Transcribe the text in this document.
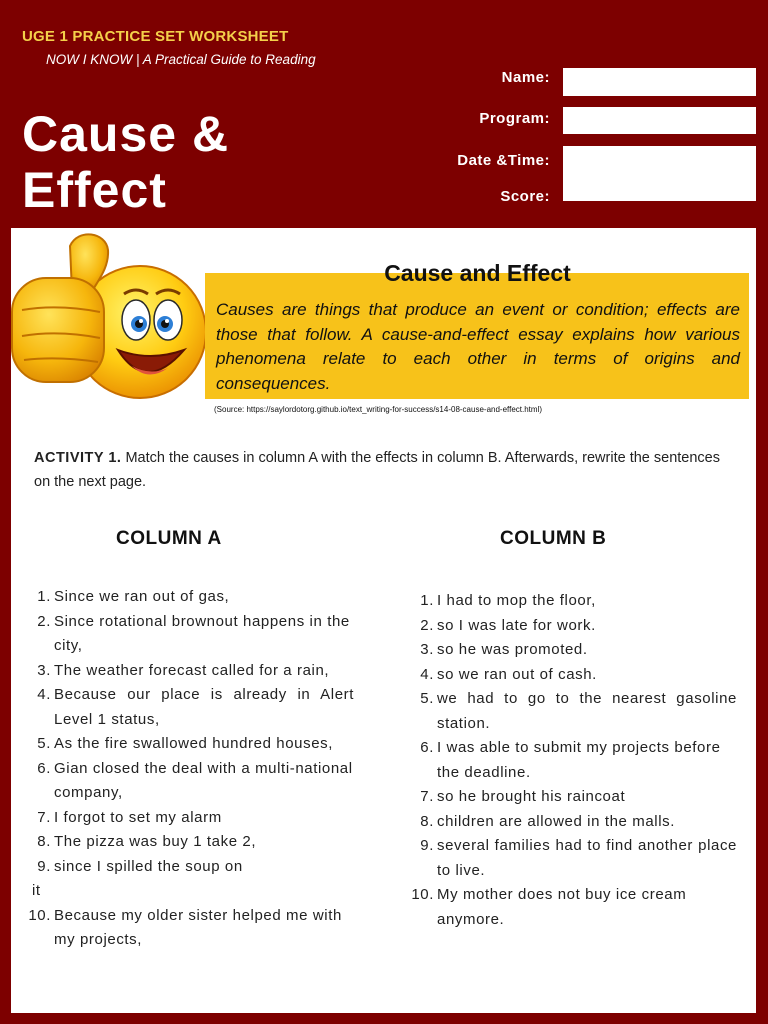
UGE 1 PRACTICE SET WORKSHEET
NOW I KNOW | A Practical Guide to Reading
Cause &
Effect
Name:
Program:
Date &Time:
Score:
Cause and Effect
Causes are things that produce an event or condition; effects are those that follow. A cause-and-effect essay explains how various phenomena relate to each other in terms of origins and consequences.
(Source: https://saylordotorg.github.io/text_writing-for-success/s14-08-cause-and-effect.html)
ACTIVITY 1. Match the causes in column A with the effects in column B. Afterwards, rewrite the sentences on the next page.
COLUMN A	COLUMN B
1. Since we ran out of gas,
2. Since rotational brownout happens in the city,
3. The weather forecast called for a rain,
4. Because our place is already in Alert Level 1 status,
5. As the fire swallowed hundred houses,
6. Gian closed the deal with a multi-national company,
7. I forgot to set my alarm
8. The pizza was buy 1 take 2,
9. since I spilled the soup on
it
10. Because my older sister helped me with my projects,
1. I had to mop the floor,
2. so I was late for work.
3. so he was promoted.
4. so we ran out of cash.
5. we had to go to the nearest gasoline station.
6. I was able to submit my projects before the deadline.
7. so he brought his raincoat
8. children are allowed in the malls.
9. several families had to find another place to live.
10. My mother does not buy ice cream anymore.
